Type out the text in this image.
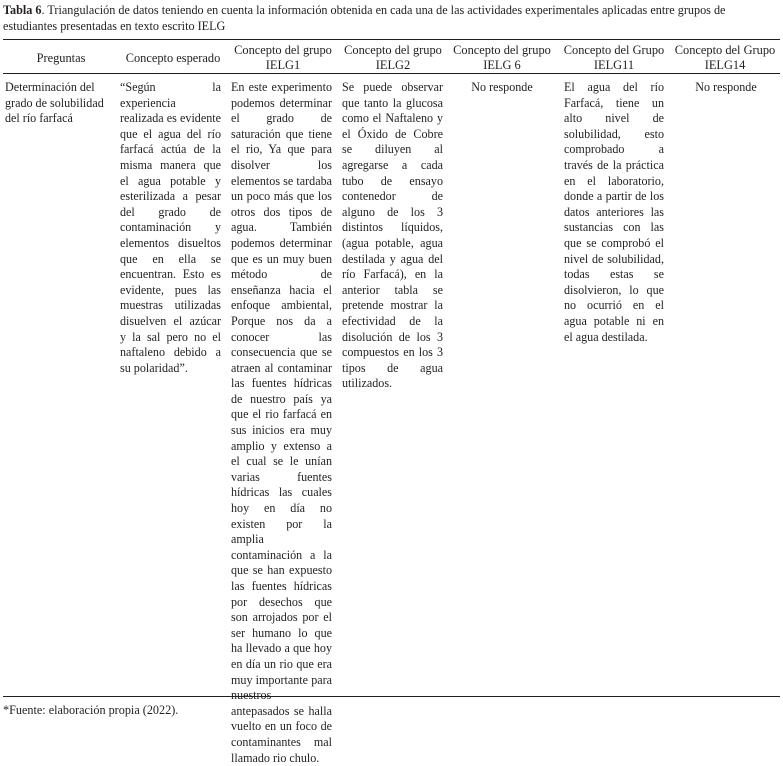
Tabla 6. Triangulación de datos teniendo en cuenta la información obtenida en cada una de las actividades experimentales aplicadas entre grupos de estudiantes presentadas en texto escrito IELG
Preguntas	Concepto esperado
Concepto del grupo IELG1
Concepto del grupo IELG2
Concepto del grupo IELG 6
Concepto del Grupo IELG11
Concepto del Grupo IELG14
Determinación del grado de solubilidad del río farfacá
“Según la experiencia realizada es evidente que el agua del río farfacá actúa de la misma manera que el agua potable y esterilizada a pesar del grado de contaminación y elementos disueltos que en ella se encuentran. Esto es evidente, pues las muestras utilizadas disuelven el azúcar y la sal pero no el naftaleno debido a su polaridad”.
En este experimento podemos determinar el grado de saturación que tiene el rio, Ya que para disolver los elementos se tardaba un poco más que los otros dos tipos de agua. También podemos determinar que es un muy buen método de enseñanza hacia el enfoque ambiental, Porque nos da a conocer las consecuencia que se atraen al contaminar las fuentes hídricas de nuestro país ya que el rio farfacá en sus inicios era muy amplio y extenso a el cual se le unían varias fuentes hídricas las cuales hoy en día no existen por la amplia contaminación a la que se han expuesto las fuentes hídricas por desechos que son arrojados por el ser humano lo que ha llevado a que hoy en día un rio que era muy importante para antepasados se halla vuelto en un foco de contaminantes mal llamado rio chulo.
Se puede observar que tanto la glucosa como el Naftaleno y el Óxido de Cobre se diluyen al agregarse a cada tubo de ensayo contenedor de alguno de los 3 distintos líquidos, (agua potable, agua destilada y agua del río Farfacá), en la anterior tabla se pretende mostrar la efectividad de la disolución de los 3 compuestos en los 3 tipos de agua utilizados.
No responde	El agua del río Farfacá, tiene un alto nivel de solubilidad, esto comprobado a través de la práctica en el laboratorio, donde a partir de los datos anteriores las sustancias con las que se comprobó el nivel de solubilidad, todas estas se disolvieron, lo que no ocurrió en el agua potable ni en el agua destilada.
No responde
*Fuente: elaboración propia (2022).
